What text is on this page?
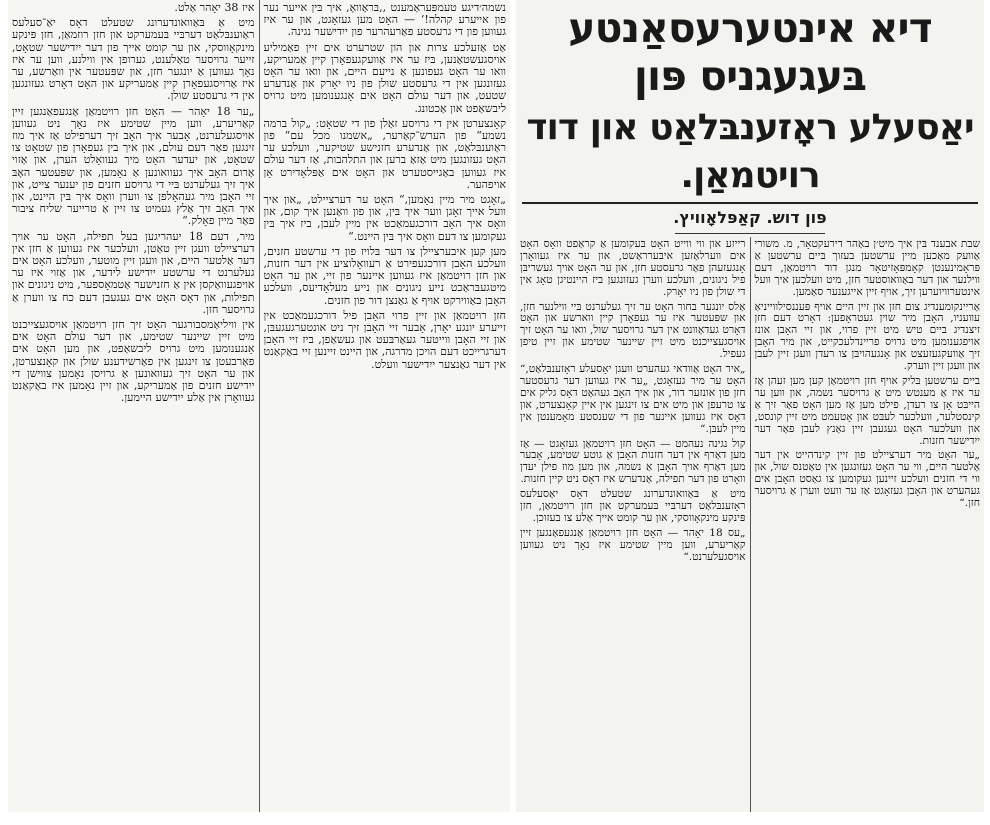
נשמה׳דיגע טעמפּעראַמענט ,,בּראַוואָ, איך בּין אייער נער פון אייערע קהלה!‘ — האָט מען געזאָגט, און ער איז געווען פון די גרעסטע פאַרעהרער פון ייִדישער נגינה.

אַט אַזעלכע צרות און הון שטרערט אים זיין פאַמיליע אויסגעשטאַנען, בּיז ער איז אַוועקגעפאָרן קיין אַמעריקע, וואו ער האָט געפונען אַ נייעם היים, און וואו ער האָט געזונגען אין די גרעסטע שולן פון ניו יאָרק און אַנדערע שטעט, און דער עולם האָט אים אָנגענומען מיט גרויס ליבשאַפט און אַכטונג.

קאָנצערטן אין די גרויסע זאַלן פון די שטאָט: „קול ברמה נשמע“ פון הערש־קאַרער, „אשמנו מכל עם“ פון ראַוענבּלאַט, און אַנדערע חזנישע שטיקער, וועלכע ער האָט געזונגען מיט אַזאַ ברען און התלהבות, אַז דער עולם איז געווען באַגייסטערט און האָט אים אַפּלאָדירט אָן אויפהער.

„זאָגט מיר מיין נאָמען,“ האָט ער דערציילט, „און איך וועל אייך זאָגן ווער איך בּין, און פון וואַנען איך קום, און וואָס איך האָב דורכגעמאַכט אין מיין לעבן, ביז איך בּין געקומען צו דעם וואָס איך בּין היינט.“

מען קען איבערציילן צו דער בּלויז פון די ערשטע חזנים, וועלכע האָבן דורכגעפירט אַ רעוואָלוציע אין דער חזנות, און חזן רויטמאַן איז געווען איינער פון זיי, און ער האָט מיטגעבּראַכט נייע ניגונים און נייע מעלאָדיעס, וועלכע האָבן באַווירקט אויף אַ גאַנצן דור פון חזנים.

חזן רויטמאַן און זיין פרוי האָבן פיל דורכגעמאַכט אין זייערע יונגע יאָרן, אָבער זיי האָבן זיך ניט אונטערגעגעבּן, און זיי האָבן ווייטער געאַרבּעט און געשאַפן, ביז זיי האָבן דערגרייכט דעם הויכן מדרגה, און היינט זיינען זיי באַקאַנט אין דער גאַנצער ייִדישער וועלט.

איז 38 יאָהר אַלט.

מיט אַ בּאַוואונדערונג שטעלט דאָס יאַ־סעלעס ראַוענבּלאַט דערבּיי בּעמערקט און חזן רוזמאַן, חזן פּינקע מינקאָווסקי, און ער קומט אייך פון דער ייִדישער שטאָט, זייער גרויסער טאַלענט, גערופן אין ווילנע, ווען ער איז נאָך געווען אַ יונגער חזן, און שפּעטער אין וואַרשע, ער איז אַרויסגעפאָרן קיין אַמעריקע און האָט דאָרט געזונגען אין די גרעסטע שולן.

„ער 18 יאָהר — האָט חזן רויטמאַן אַנגעפאַנגען זיין קאַריערע, ווען מיין שטימע איז נאָך ניט געווען אויסגעלערנט, אָבער איך האָב זיך דערפילט אַז איך מוז זינגען פאַר דעם עולם, און איך בין געפאָרן פון שטאָט צו שטאָט, און יעדער האָט מיך געוואָלט הערן, און אַזוי אַרום האָב איך געוואונען אַ נאָמען, און שפּעטער האָבּ איך זיך געלערנט בּיי די גרויסע חזנים פון יענער צייט, און זיי האָבן מיר געהאָלפן צו ווערן וואָס איך בּין היינט, און איך האָב זיך אַלץ געמיט צו זיין אַ טרייער שליח ציבור פאַר מיין פאָלק.“

מיר, דעם 18 יעהריגען בעל תפילה, האָט ער אויך דערציילט וועגן זיין טאַטן, וועלכער איז געווען אַ חזן אין דער אַלטער היים, און וועגן זיין מוטער, וועלכע האָט אים געלערנט די ערשטע ייִדישע לידער, און אַזוי איז ער אויפגעוואַקסן אין אַ חזנישער אַטמאָספער, מיט ניגונים און תפילות, און דאָס האָט אים געגעבן דעם כח צו ווערן אַ גרויסער חזן.

אין וויליאַמסבורגער האָט זיך חזן רויטמאַן אויסגעצייכנט מיט זיין שיינער שטימע, און דער עולם האָט אים אָנגענומען מיט גרויס ליבשאַפט, און מען האָט אים פאַרבעטן צו זינגען אין פאַרשידענע שולן און קאָנצערטן, און ער האָט זיך געוואונען אַ גרויסן נאָמען צווישן די ייִדישע חזנים פון אַמעריקע, און זיין נאָמען איז באַקאַנט געוואָרן אין אַלע ייִדישע היימען.

דיא אינטערעסאַנטע בּעגעגניס פּון
יאַסעלע ראָזענבּלאַט און דוד רויטמאַן.
פּון דוש. קאַפּלאָוויץ.

שבת אבענד בּין איך מיט׳ן באַהר דירעקטאָר, מ. משורי אַוועק מאַכען מיין ערשטען בעזוך בּיים ערשטען אַ פּראָמינענטן קאָמפּאָזיטאָר מנגן דוד רויטמאַן, דעם ווילנער און דער באַוואוסטער חזן, מיט וועלכען איך וועל אינטערוויוערען זיך, אויף זיין אייגענער סאַמען.

אַריינקומענדיג צום חזן און זיין היים אויף פּעננסילווייניאַ עוועניו, האָבן מיר שוין געטראָפען: דאָרט דעם חזן זיצנדיג ביים טיש מיט זיין פרוי, און זיי האָבן אונז אויפגענומען מיט גרויס פריינדלעכקייט, און מיר האָבן זיך אַוועקגעזעצט און אָנגעהויבּן צו רעדן וועגן זיין לעבן און וועגן זיין ווערק.

ביים ערשטען בּליק אויף חזן רויטמאַן קען מען זעהן אַז ער איז אַ מענטש מיט אַ גרויסער נשמה, און ווען ער הייבּט אָן צו רעדן, פילט מען אַז מען האָט פאַר זיך אַ קינסטלער, וועלכער לעבּט און אָטעמט מיט זיין קונסט, און וועלכער האָט געגעבן זיין גאַנץ לעבן פאַר דער ייִדישער חזנות.

„ער האָט מיר דערציילט פון זיין קינדהייט אין דער אַלטער היים, ווי ער האָט געזונגען אין טאַטנס שול, און ווי די חזנים וועלכע זיינען געקומען צו גאַסט האָבן אים געהערט און האָבן געזאָגט אַז ער וועט ווערן אַ גרויסער חזן.“

רייזע און ווי ווייט האָט בּעקומען אַ קראַפט וואָס האָט אים ווערלאַזען איבּערראַשט, און ער איז געוואָרן אָנגעזעהן פאַר גרעסטע חזן, און ער האָט אויך געשריבּן פיל ניגונים, וועלכע ווערן געזונגען ביז היינטיגן טאָג אין די שולן פון ניו יאָרק.

אַלס יונגער בחור האָט ער זיך געלערנט בּיי ווילנער חזן, און שפּעטער איז ער געפאָרן קיין ווארשע און האָט דאָרט געדאַוונט אין דער גרויסער שול, וואו ער האָט זיך אויסגעצייכנט מיט זיין שיינער שטימע און זיין טיפן געפיל.

„איר האָט אַוודאי געהערט וועגן יאָסעלע ראָזענבּלאַט,“ האָט ער מיר געזאָגט, „ער איז געווען דער גרעסטער חזן פון אונזער דור, און איך האָב געהאַט דאָס גליק אים צו טרעפן און מיט אים צו זינגען אין איין קאָנצערט, און דאָס איז געווען איינער פון די שענסטע מאָמענטן אין מיין לעבּן.“

קול נגינה נעהמט — האָט חזן רויטמאַן געזאָגט — אַז מען דאַרף אין דער חזנות האָבן אַ גוטע שטימע, אָבער מען דאַרף אויך האָבן אַ נשמה, און מען מוז פילן יעדן וואָרט פון דער תפילה, אַנדערש איז דאָס ניט קיין חזנות.

מיט אַ בּאַוואונדערונג שטעלט דאָס יאַסעלעס ראָזענבּלאַט דערבּיי בּעמערקט און חזן רויטמאַן, חזן פּינקע מינקאָווסקי, און ער קומט אייך אַלע צו בעזוכן.

„עס 18 יאָהר — האָט חזן רויטמאַן אַנגעפאַנגען זיין קאַריערע, ווען מיין שטימע איז נאָך ניט געווען אויסגעלערנט.“
